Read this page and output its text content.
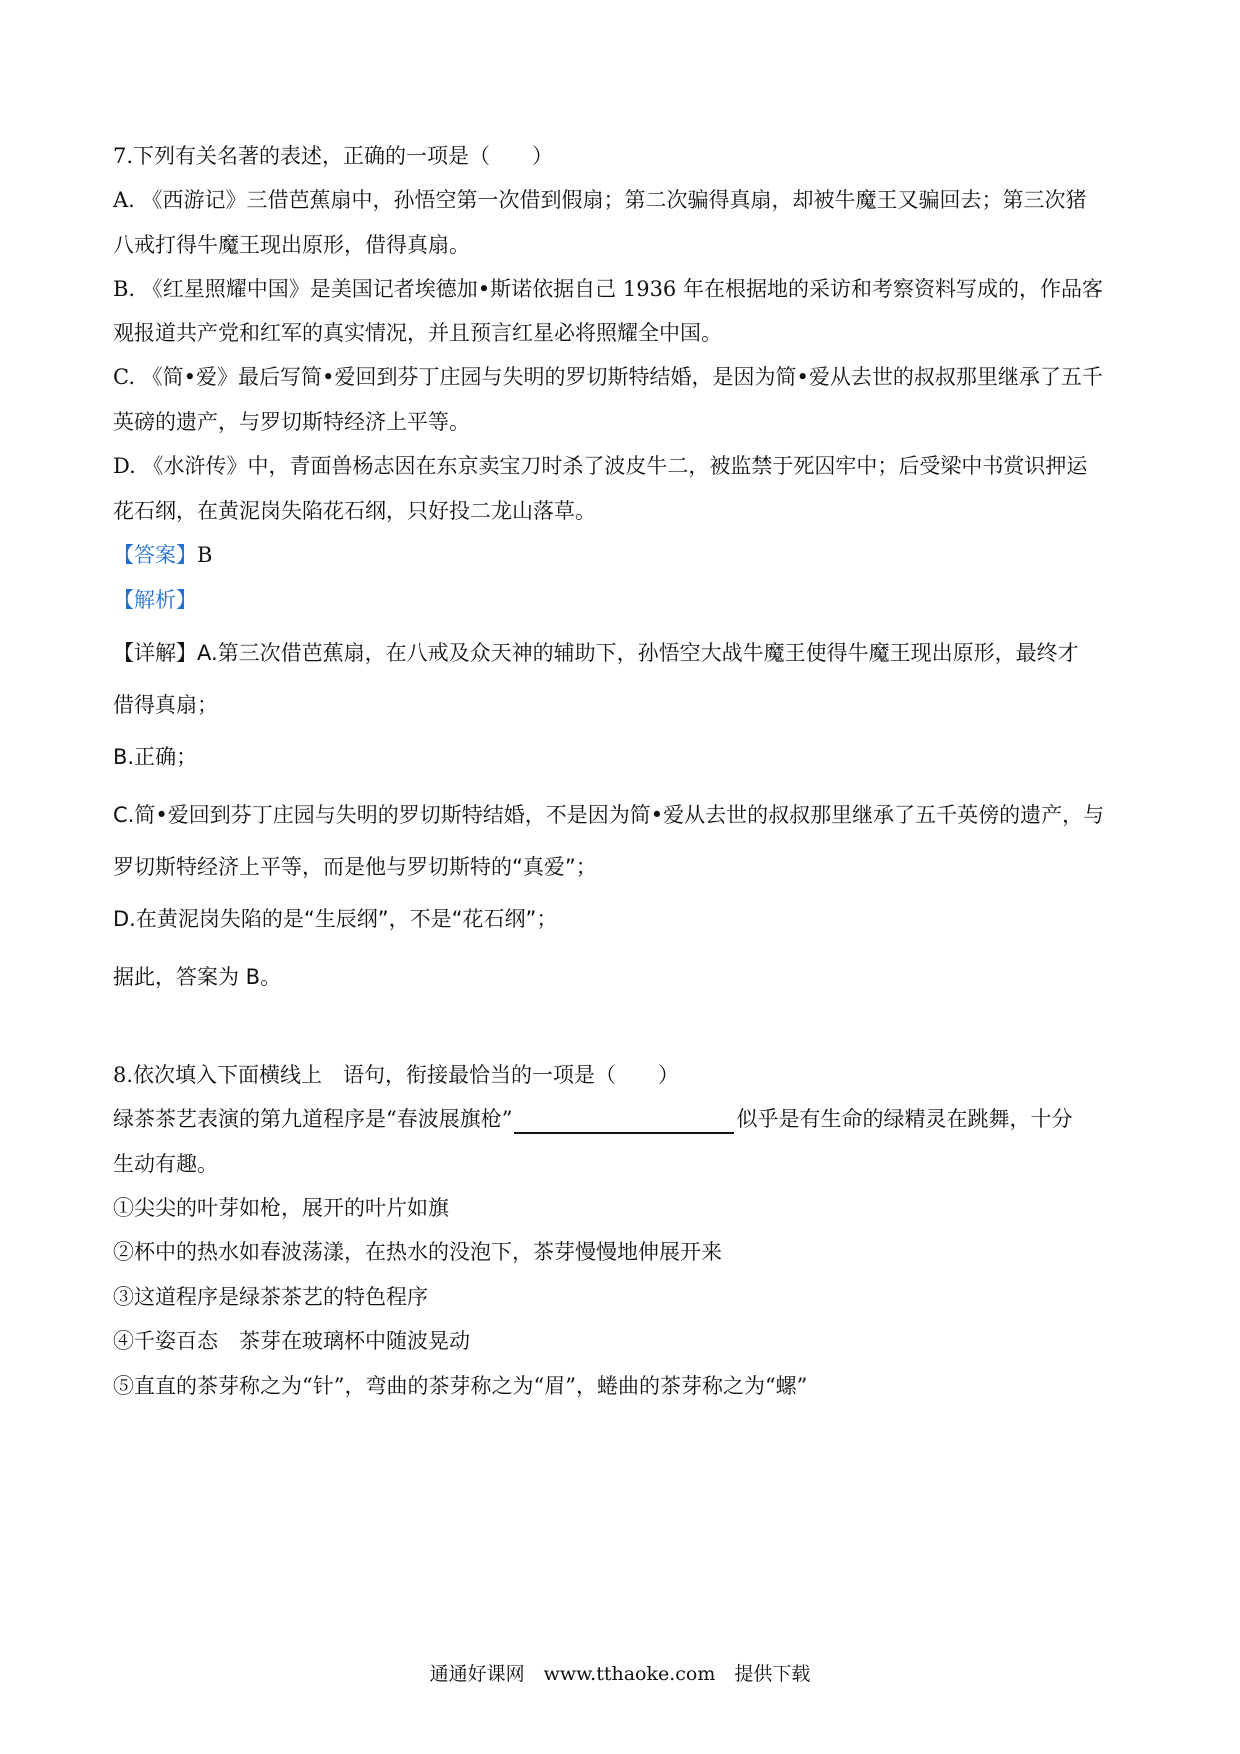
7.下列有关名著的表述，正确的一项是（　　）
A. 《西游记》三借芭蕉扇中，孙悟空第一次借到假扇；第二次骗得真扇，却被牛魔王又骗回去；第三次猪
八戒打得牛魔王现出原形，借得真扇。
B. 《红星照耀中国》是美国记者埃德加•斯诺依据自己 1936 年在根据地的采访和考察资料写成的，作品客
观报道共产党和红军的真实情况，并且预言红星必将照耀全中国。
C. 《简•爱》最后写简•爱回到芬丁庄园与失明的罗切斯特结婚，是因为简•爱从去世的叔叔那里继承了五千
英磅的遗产，与罗切斯特经济上平等。
D. 《水浒传》中，青面兽杨志因在东京卖宝刀时杀了波皮牛二，被监禁于死囚牢中；后受梁中书赏识押运
花石纲，在黄泥岗失陷花石纲，只好投二龙山落草。
【答案】B
【解析】
【详解】A.第三次借芭蕉扇，在八戒及众天神的辅助下，孙悟空大战牛魔王使得牛魔王现出原形，最终才
借得真扇；
B.正确；
C.简•爱回到芬丁庄园与失明的罗切斯特结婚，不是因为简•爱从去世的叔叔那里继承了五千英傍的遗产，与
罗切斯特经济上平等，而是他与罗切斯特的“真爱”；
D.在黄泥岗失陷的是“生辰纲”，不是“花石纲”；
据此，答案为 B。
8.依次填入下面横线上　语句，衔接最恰当的一项是（　　）
绿茶茶艺表演的第九道程序是“春波展旗枪”	似乎是有生命的绿精灵在跳舞，十分
生动有趣。
①尖尖的叶芽如枪，展开的叶片如旗
②杯中的热水如春波荡漾，在热水的没泡下，茶芽慢慢地伸展开来
③这道程序是绿茶茶艺的特色程序
④千姿百态　茶芽在玻璃杯中随波晃动
⑤直直的茶芽称之为“针”，弯曲的茶芽称之为“眉”，蜷曲的茶芽称之为“螺”
通通好课网　www.tthaoke.com　提供下载
